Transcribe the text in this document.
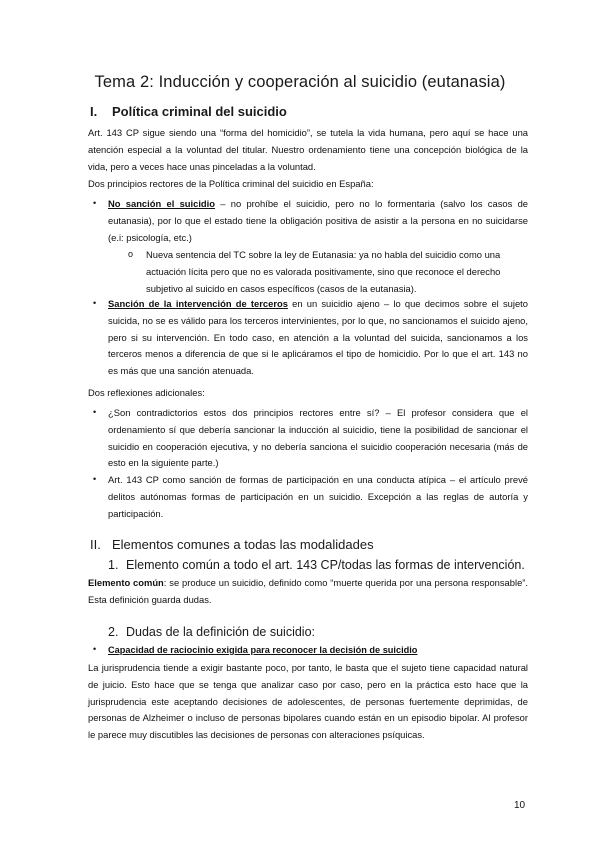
Tema 2: Inducción y cooperación al suicidio (eutanasia)
I. Política criminal del suicidio

Art. 143 CP sigue siendo una “forma del homicidio”, se tutela la vida humana, pero aquí se hace una atención especial a la voluntad del titular. Nuestro ordenamiento tiene una concepción biológica de la vida, pero a veces hace unas pinceladas a la voluntad.

Dos principios rectores de la Política criminal del suicidio en España:

•	No sanción el suicidio – no prohíbe el suicidio, pero no lo formentaria (salvo los casos de eutanasia), por lo que el estado tiene la obligación positiva de asistir a la persona en no suicidarse (e.i: psicología, etc.)

o Nueva sentencia del TC sobre la ley de Eutanasia: ya no habla del suicidio como una actuación lícita pero que no es valorada positivamente, sino que reconoce el derecho subjetivo al suicido en casos específicos (casos de la eutanasia).

•	Sanción de la intervención de terceros en un suicidio ajeno – lo que decimos sobre el sujeto suicida, no se es válido para los terceros intervinientes, por lo que, no sancionamos el suicido ajeno, pero si su intervención. En todo caso, en atención a la voluntad del suicida, sancionamos a los terceros menos a diferencia de que si le aplicáramos el tipo de homicidio. Por lo que el art. 143 no es más que una sanción atenuada.

Dos reflexiones adicionales:

•	¿Son contradictorios estos dos principios rectores entre sí? – El profesor considera que el ordenamiento sí que debería sancionar la inducción al suicidio, tiene la posibilidad de sancionar el suicidio en cooperación ejecutiva, y no debería sanciona el suicidio cooperación necesaria (más de esto en la siguiente parte.)

•	Art. 143 CP como sanción de formas de participación en una conducta atípica – el artículo prevé delitos autónomas formas de participación en un suicidio. Excepción a las reglas de autoría y participación.

II. Elementos comunes a todas las modalidades
1. Elemento común a todo el art. 143 CP/todas las formas de intervención.

Elemento común: se produce un suicidio, definido como “muerte querida por una persona responsable”. Esta definición guarda dudas.

2. Dudas de la definición de suicidio:
•	Capacidad de raciocinio exigida para reconocer la decisión de suicidio

La jurisprudencia tiende a exigir bastante poco, por tanto, le basta que el sujeto tiene capacidad natural de juicio. Esto hace que se tenga que analizar caso por caso, pero en la práctica esto hace que la jurisprudencia este aceptando decisiones de adolescentes, de personas fuertemente deprimidas, de personas de Alzheimer o incluso de personas bipolares cuando están en un episodio bipolar. Al profesor le parece muy discutibles las decisiones de personas con alteraciones psíquicas.

10
